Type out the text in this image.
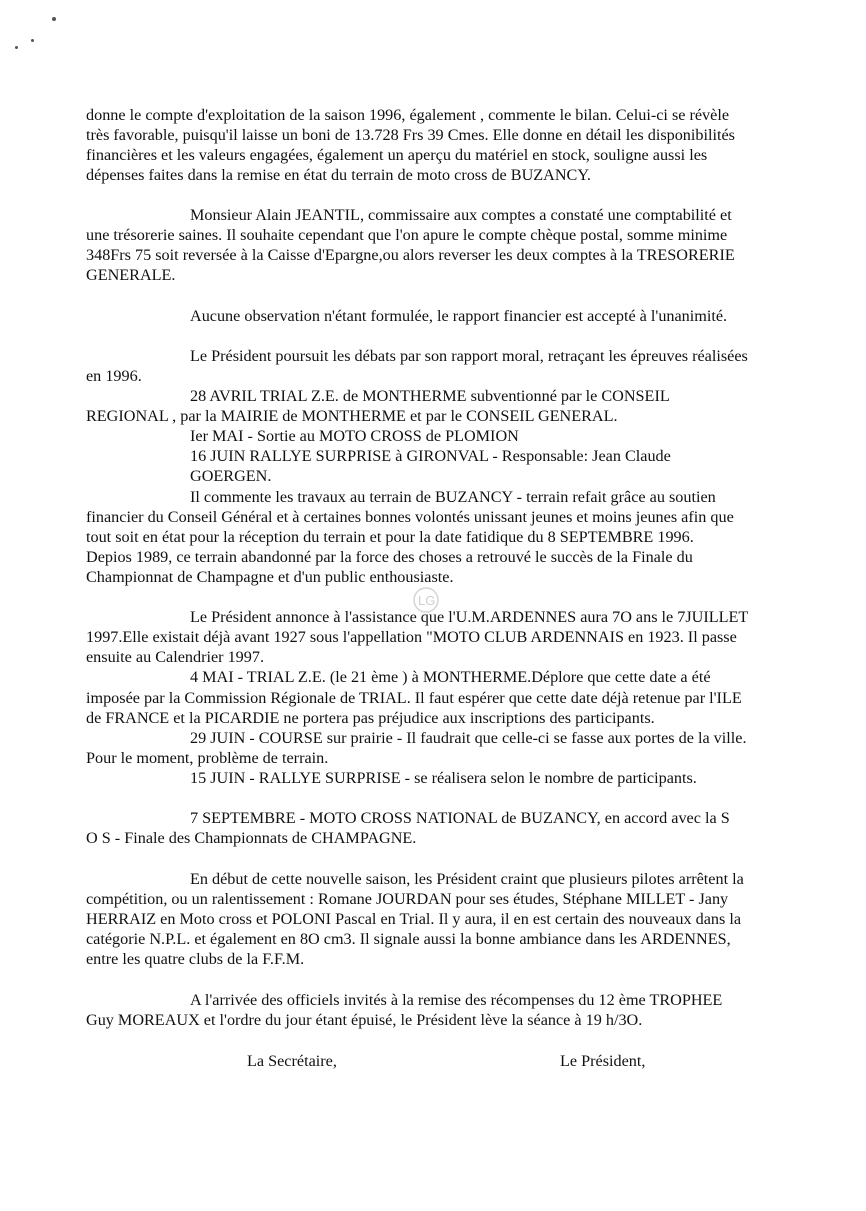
LG
donne le compte d'exploitation de la saison 1996, également , commente le bilan. Celui-ci se révèle
très favorable, puisqu'il laisse un boni de 13.728 Frs 39 Cmes. Elle donne en détail les disponibilités
financières et les valeurs engagées, également un aperçu du matériel en stock, souligne aussi les
dépenses faites dans la remise en état du terrain de moto cross de BUZANCY.
Monsieur Alain JEANTIL, commissaire aux comptes a constaté une comptabilité et
une trésorerie saines. Il souhaite cependant que l'on apure le compte chèque postal, somme minime
348Frs 75 soit reversée à la Caisse d'Epargne,ou alors reverser les deux comptes à la TRESORERIE
GENERALE.
Aucune observation n'étant formulée, le rapport financier est accepté à l'unanimité.
Le Président poursuit les débats par son rapport moral, retraçant les épreuves réalisées
en 1996.
28 AVRIL TRIAL Z.E. de MONTHERME subventionné par le CONSEIL
REGIONAL , par la MAIRIE de MONTHERME et par le CONSEIL GENERAL.
Ier MAI - Sortie au MOTO CROSS de PLOMION
16 JUIN RALLYE SURPRISE à GIRONVAL - Responsable: Jean Claude
GOERGEN.
Il commente les travaux au terrain de BUZANCY - terrain refait grâce au soutien
financier du Conseil Général et à certaines bonnes volontés unissant jeunes et moins jeunes afin que
tout soit en état pour la réception du terrain et pour la date fatidique du 8 SEPTEMBRE 1996.
Depios 1989, ce terrain abandonné par la force des choses a retrouvé le succès de la Finale du
Championnat de Champagne et d'un public enthousiaste.
Le Président annonce à l'assistance que l'U.M.ARDENNES aura 7O ans le 7JUILLET
1997.Elle existait déjà avant 1927 sous l'appellation "MOTO CLUB ARDENNAIS en 1923. Il passe
ensuite au Calendrier 1997.
4 MAI - TRIAL Z.E. (le 21 ème ) à MONTHERME.Déplore que cette date a été
imposée par la Commission Régionale de TRIAL. Il faut espérer que cette date déjà retenue par l'ILE
de FRANCE et la PICARDIE ne portera pas préjudice aux inscriptions des participants.
29 JUIN - COURSE sur prairie - Il faudrait que celle-ci se fasse aux portes de la ville.
Pour le moment, problème de terrain.
15 JUIN - RALLYE SURPRISE - se réalisera selon le nombre de participants.
7 SEPTEMBRE - MOTO CROSS NATIONAL de BUZANCY, en accord avec la S
O S - Finale des Championnats de CHAMPAGNE.
En début de cette nouvelle saison, les Président craint que plusieurs pilotes arrêtent la
compétition, ou un ralentissement : Romane JOURDAN pour ses études, Stéphane MILLET - Jany
HERRAIZ en Moto cross et POLONI Pascal en Trial. Il y aura, il en est certain des nouveaux dans la
catégorie N.P.L. et également en 8O cm3. Il signale aussi la bonne ambiance dans les ARDENNES,
entre les quatre clubs de la F.F.M.
A l'arrivée des officiels invités à la remise des récompenses du 12 ème TROPHEE
Guy MOREAUX et l'ordre du jour étant épuisé, le Président lève la séance à 19 h/3O.
La Secrétaire,	Le Président,
